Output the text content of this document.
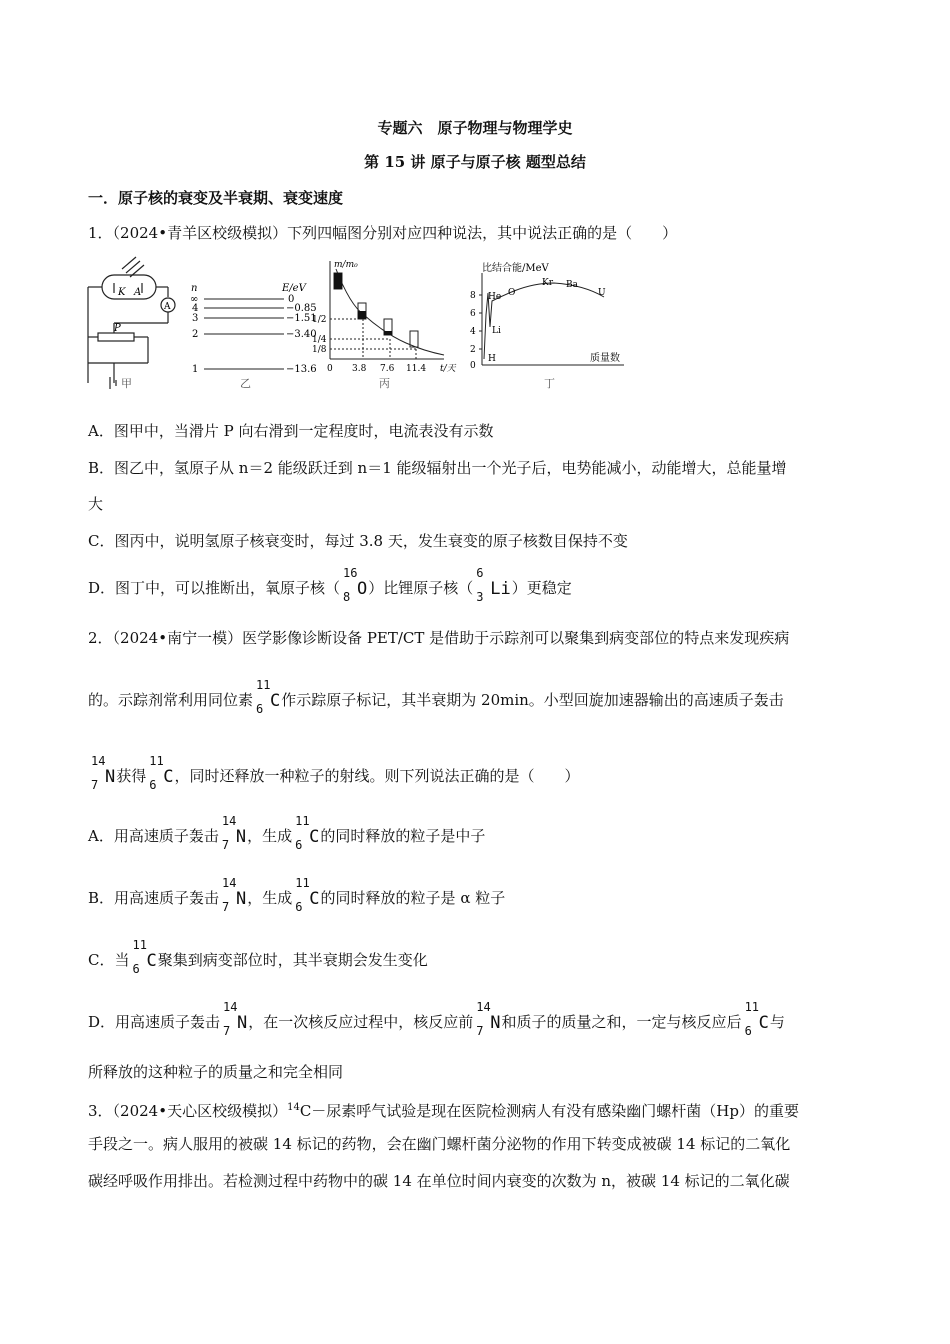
专题六　原子物理与物理学史
第 15 讲 原子与原子核 题型总结
一．原子核的衰变及半衰期、衰变速度
1．（2024•青羊区校级模拟）下列四幅图分别对应四种说法，其中说法正确的是（　　）
K A
A
P
甲
n	E/eV
∞	0
4	−0.85
3	−1.51
2	−3.40
1	−13.6
乙
m/m₀
1/2
1/4
1/8
0 3.8 7.6 11.4 t/天
丙
比结合能/MeV
8
6
4
2
0
He O
Kr Ba
U
Li
H	质量数
丁
A．图甲中，当滑片 P 向右滑到一定程度时，电流表没有示数
B．图乙中，氢原子从 n＝2 能级跃迁到 n＝1 能级辐射出一个光子后，电势能减小，动能增大，总能量增
大
C．图丙中，说明氢原子核衰变时，每过 3.8 天，发生衰变的原子核数目保持不变
D．图丁中，可以推断出，氧原子核（
16
8 O）比锂原子核（
6
3 Li）更稳定
2．（2024•南宁一模）医学影像诊断设备 PET/CT 是借助于示踪剂可以聚集到病变部位的特点来发现疾病
的。示踪剂常利用同位素
11
6 C作示踪原子标记，其半衰期为 20min。小型回旋加速器输出的高速质子轰击
14
7 N获得
11
6 C，同时还释放一种粒子的射线。则下列说法正确的是（　　）
A．用高速质子轰击
14
7 N，生成
11
6 C的同时释放的粒子是中子
B．用高速质子轰击
14
7 N，生成
11
6 C的同时释放的粒子是 α 粒子
C．当
11
6 C聚集到病变部位时，其半衰期会发生变化
D．用高速质子轰击
14
7 N，在一次核反应过程中，核反应前
14
7 N和质子的质量之和，一定与核反应后
11
6 C与
所释放的这种粒子的质量之和完全相同
3．（2024•天心区校级模拟）$^{14}$C－尿素呼气试验是现在医院检测病人有没有感染幽门螺杆菌（Hp）的重要
手段之一。病人服用的被碳 14 标记的药物，会在幽门螺杆菌分泌物的作用下转变成被碳 14 标记的二氧化
碳经呼吸作用排出。若检测过程中药物中的碳 14 在单位时间内衰变的次数为 n，被碳 14 标记的二氧化碳
